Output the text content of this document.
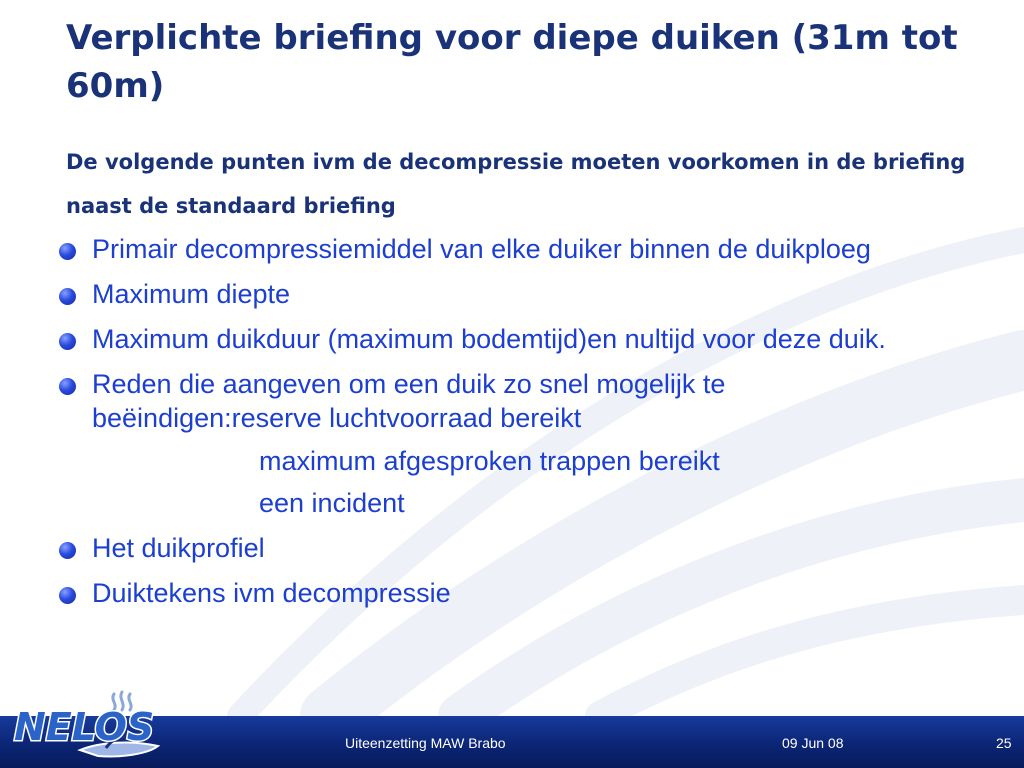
Verplichte briefing voor diepe duiken (31m tot 60m)
De volgende punten ivm de decompressie moeten voorkomen in de briefing naast de standaard briefing
Primair decompressiemiddel van elke duiker binnen de duikploeg
Maximum diepte
Maximum duikduur (maximum bodemtijd)en nultijd voor deze duik.
Reden die aangeven om een duik zo snel mogelijk te beëindigen:reserve luchtvoorraad bereikt
maximum afgesproken trappen bereikt
een incident
Het duikprofiel
Duiktekens ivm decompressie
Uiteenzetting MAW Brabo	09 Jun 08	25
NELOS
